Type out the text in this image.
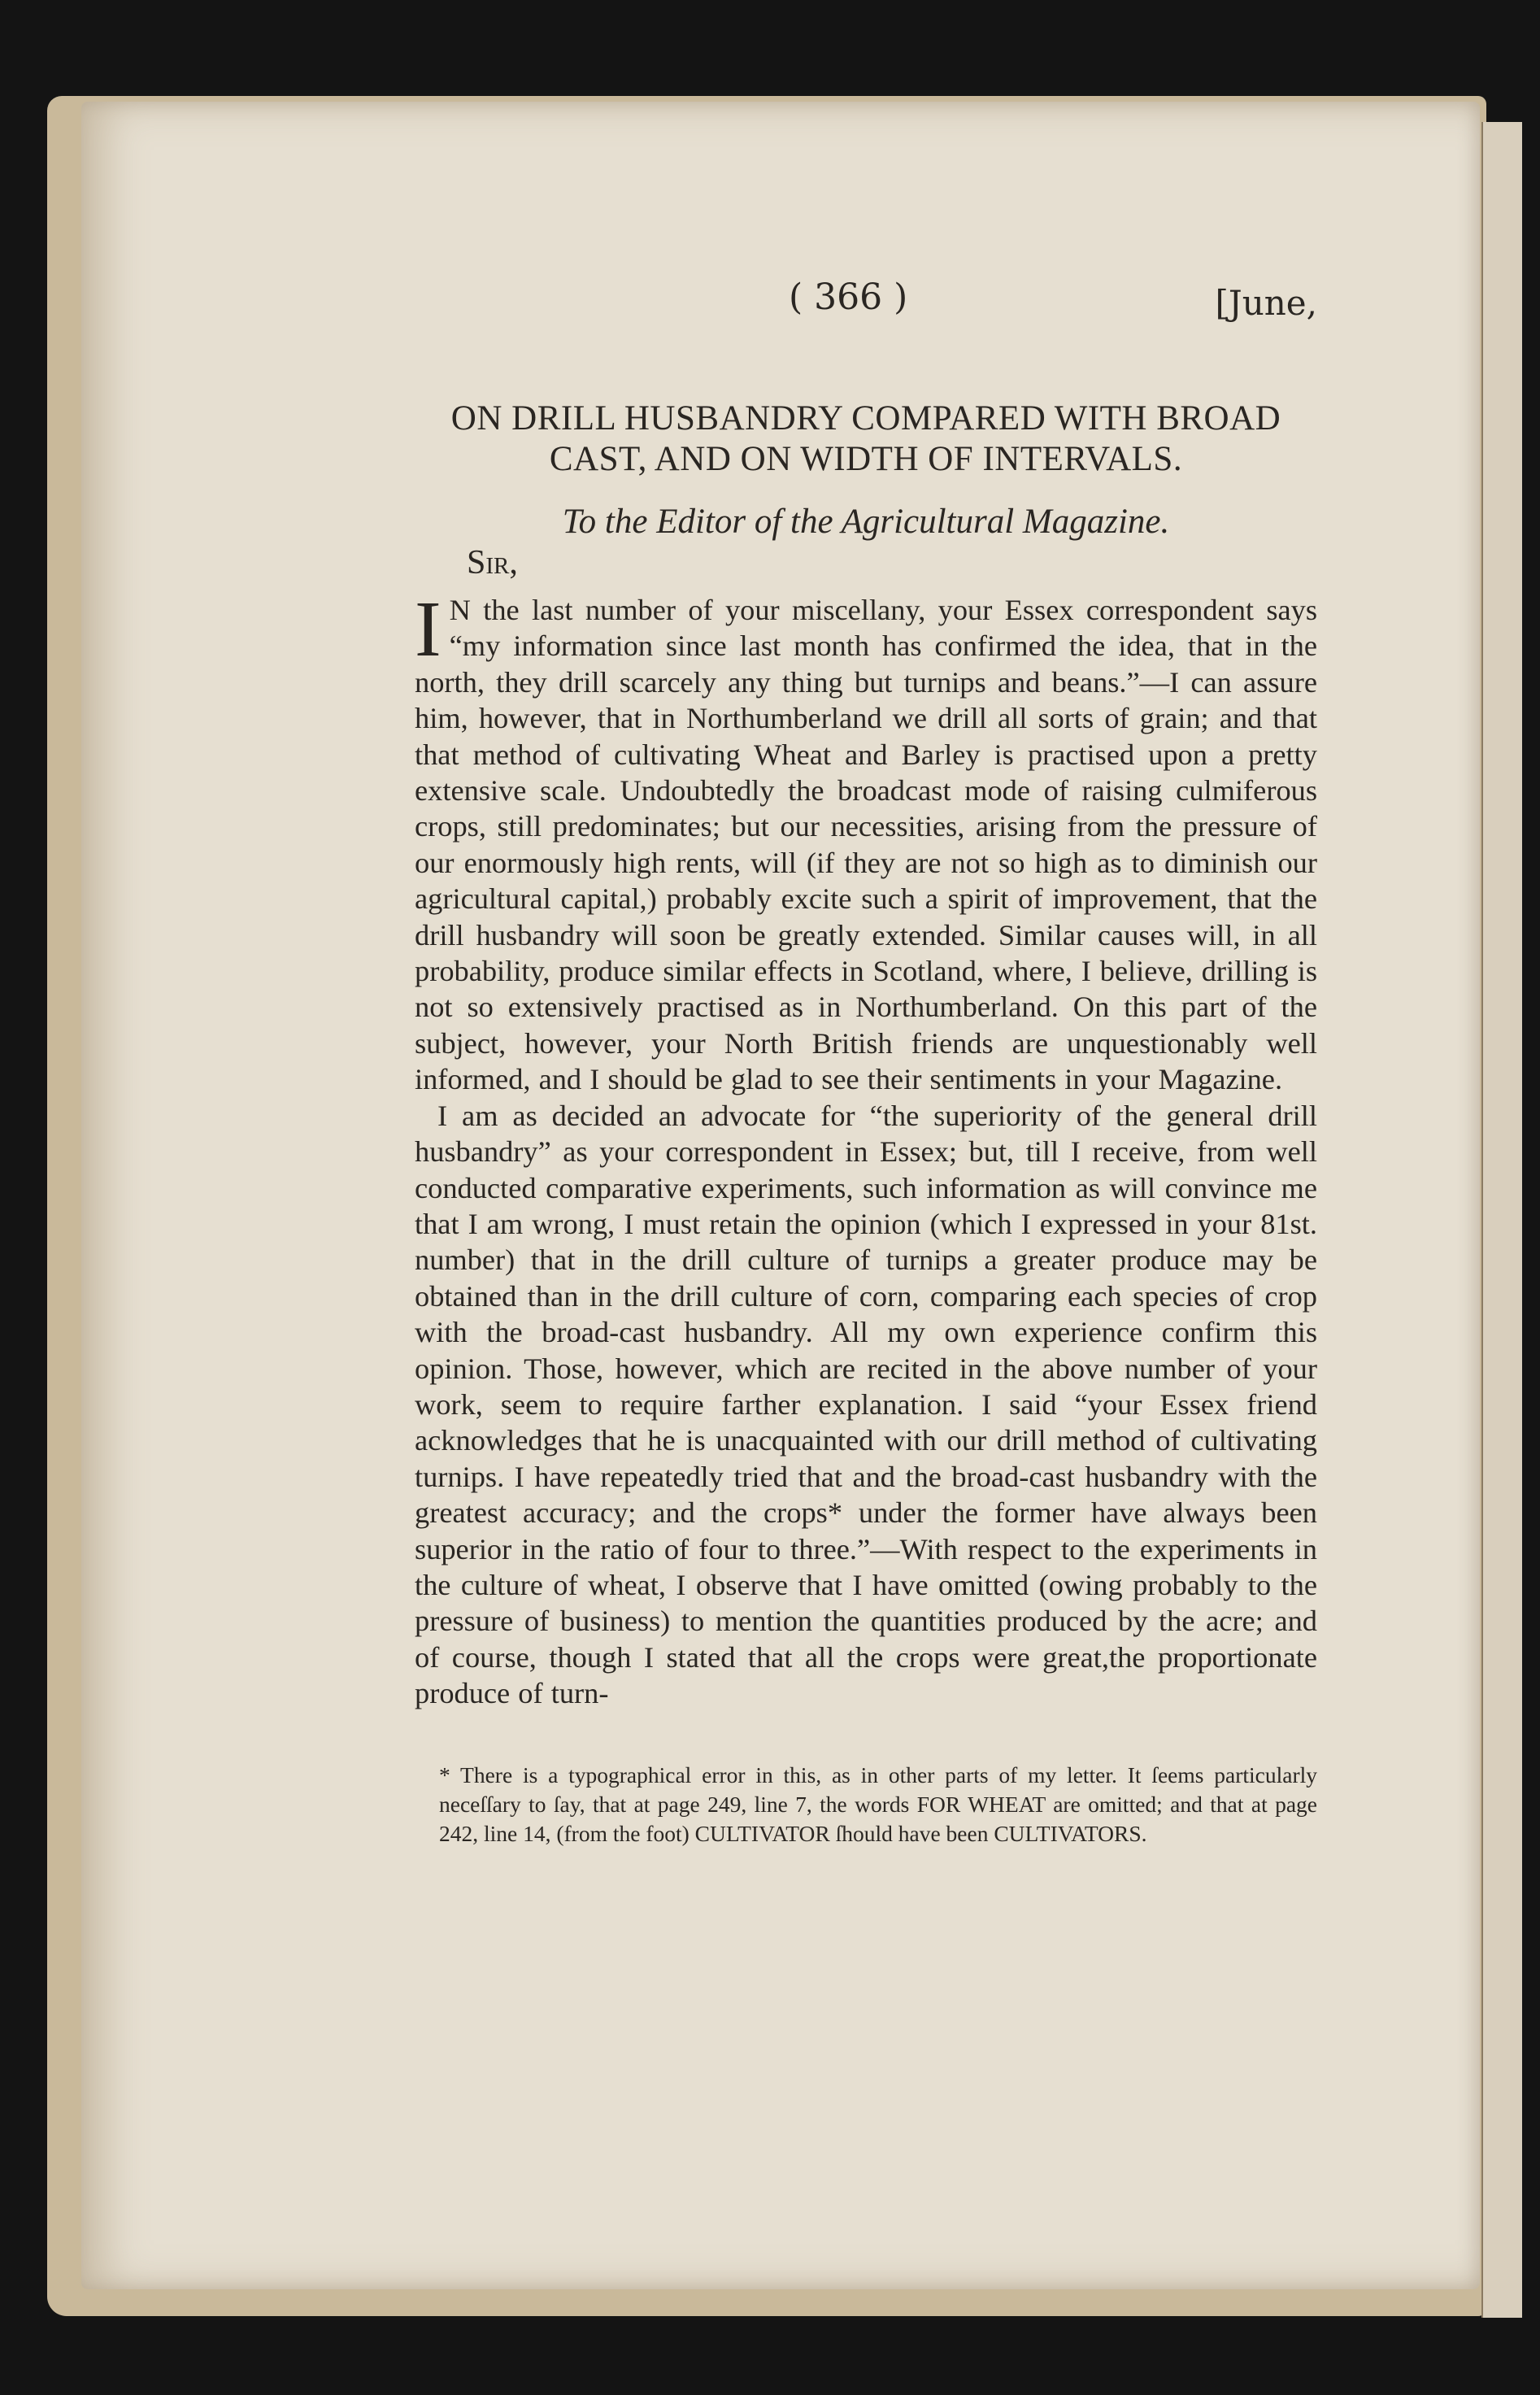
( 366 )	[June,
ON DRILL HUSBANDRY COMPARED WITH BROAD
CAST, AND ON WIDTH OF INTERVALS.
To the Editor of the Agricultural Magazine.
Sir,

I N the last number of your miscellany, your Essex correspondent says “my information since last month has confirmed the idea, that in the north, they drill scarcely any thing but turnips and beans.”—I can assure him, however, that in Northumberland we drill all sorts of grain; and that that method of cultivating Wheat and Barley is practised upon a pretty extensive scale. Undoubtedly the broadcast mode of raising culmiferous crops, still predominates; but our necessities, arising from the pressure of our enormously high rents, will (if they are not so high as to diminish our agricultural capital,) probably excite such a spirit of improvement, that the drill husbandry will soon be greatly extended. Similar causes will, in all probability, produce similar effects in Scotland, where, I believe, drilling is not so extensively practised as in Northumberland. On this part of the subject, however, your North British friends are unquestionably well informed, and I should be glad to see their sentiments in your Magazine.

I am as decided an advocate for “the superiority of the general drill husbandry” as your correspondent in Essex; but, till I receive, from well conducted comparative experiments, such information as will convince me that I am wrong, I must retain the opinion (which I expressed in your 81st. number) that in the drill culture of turnips a greater produce may be obtained than in the drill culture of corn, comparing each species of crop with the broad-cast husbandry. All my own experience confirm this opinion. Those, however, which are recited in the above number of your work, seem to require farther explanation. I said “your Essex friend acknowledges that he is unacquainted with our drill method of cultivating turnips. I have repeatedly tried that and the broad-cast husbandry with the greatest accuracy; and the crops* under the former have always been superior in the ratio of four to three.”—With respect to the experiments in the culture of wheat, I observe that I have omitted (owing probably to the pressure of business) to mention the quantities produced by the acre; and of course, though I stated that all the crops were great,the proportionate produce of turn-

* There is a typographical error in this, as in other parts of my letter. It ſeems particularly neceſſary to ſay, that at page 249, line 7, the words FOR WHEAT are omitted; and that at page 242, line 14, (from the foot) CULTIVATOR ſhould have been CULTIVATORS.
